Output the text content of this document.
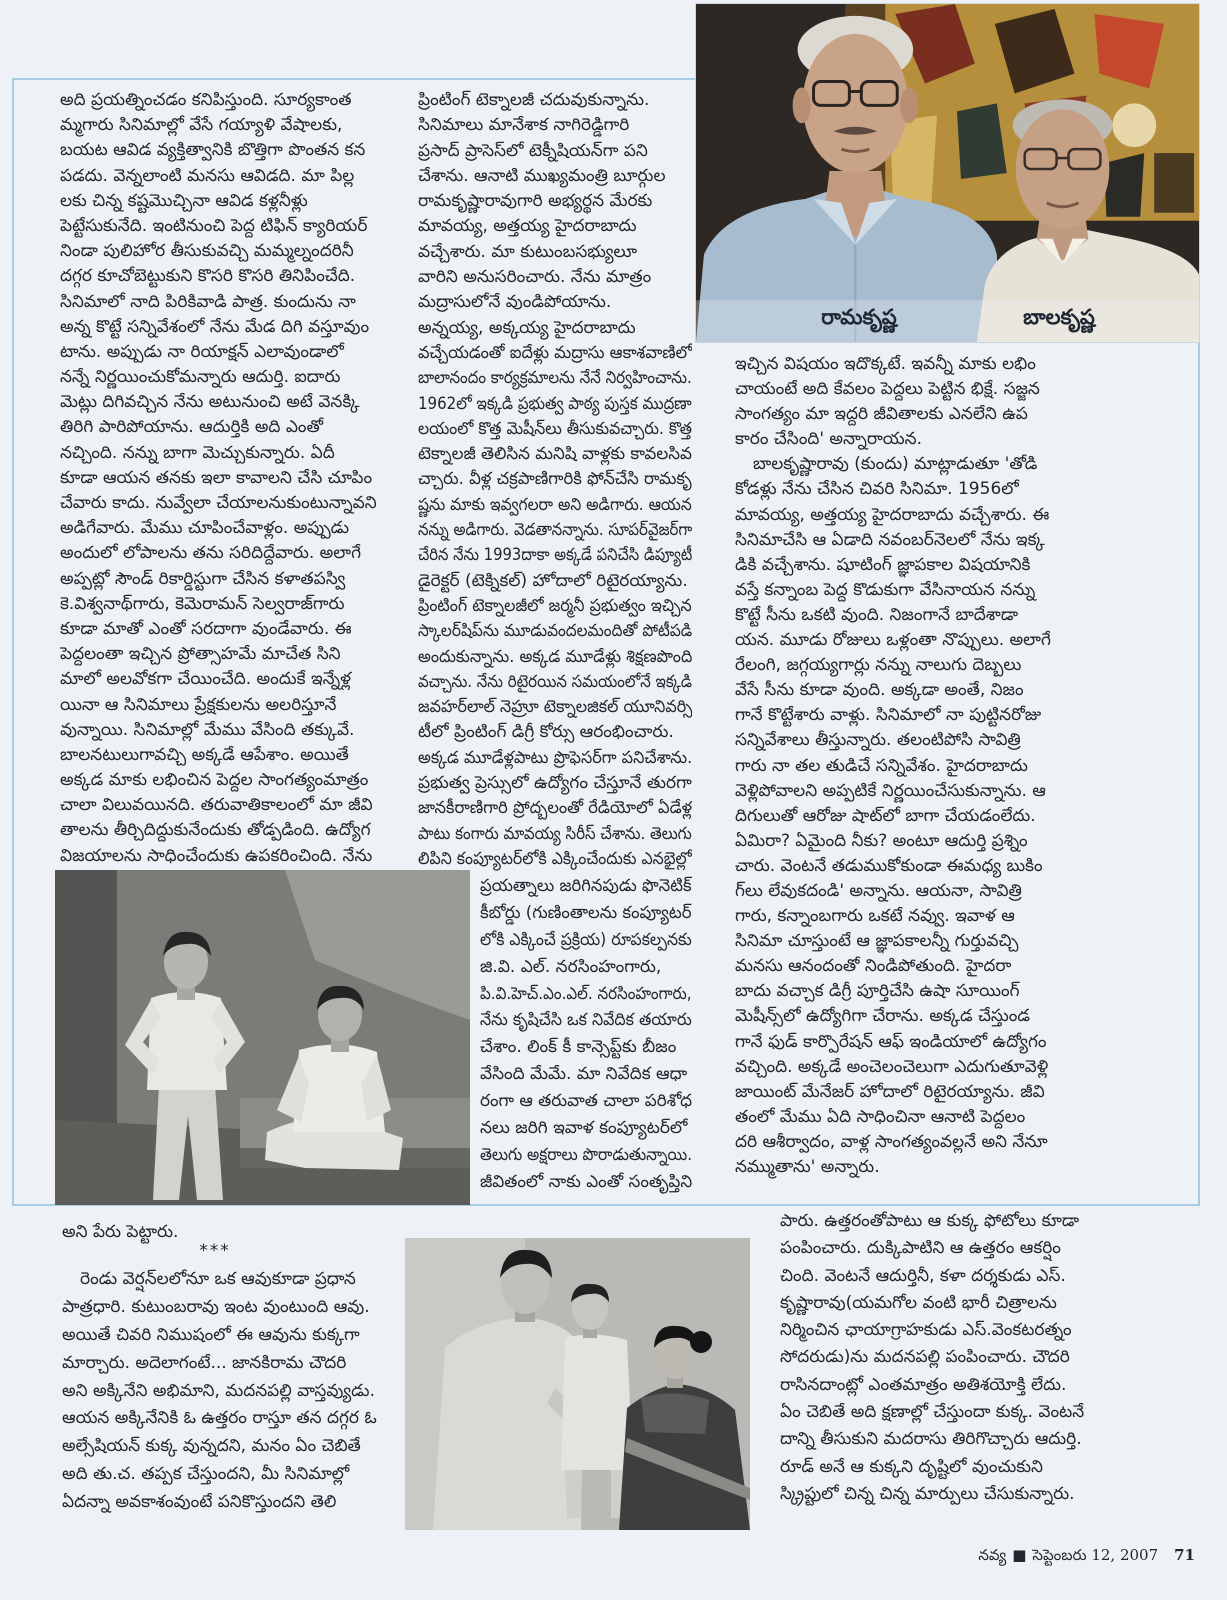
రామకృష్ణ	బాలకృష్ణ
అది ప్రయత్నించడం కనిపిస్తుంది. సూర్యకాంత
మ్మగారు సినిమాల్లో వేసే గయ్యాళి వేషాలకు,
బయట ఆవిడ వ్యక్తిత్వానికి బొత్తిగా పొంతన కన
పడదు. వెన్నలాంటి మనసు ఆవిడది. మా పిల్ల
లకు చిన్న కష్టమొచ్చినా ఆవిడ కళ్లనీళ్లు
పెట్టేసుకునేది. ఇంటినుంచి పెద్ద టిఫిన్ క్యారియర్
నిండా పులిహోర తీసుకువచ్చి మమ్మల్నందరినీ
దగ్గర కూచోబెట్టుకుని కొసరి కొసరి తినిపించేది.
సినిమాలో నాది పిరికివాడి పాత్ర. కుందును నా
అన్న కొట్టే సన్నివేశంలో నేను మేడ దిగి వస్తూవుం
టాను. అప్పుడు నా రియాక్షన్ ఎలావుండాలో
నన్నే నిర్ణయించుకోమన్నారు ఆదుర్తి. ఐదారు
మెట్లు దిగివచ్చిన నేను అటునుంచి అటే వెనక్కి
తిరిగి పారిపోయాను. ఆదుర్తికి అది ఎంతో
నచ్చింది. నన్ను బాగా మెచ్చుకున్నారు. ఏదీ
కూడా ఆయన తనకు ఇలా కావాలని చేసి చూపిం
చేవారు కాదు. నువ్వేలా చేయాలనుకుంటున్నావని
అడిగేవారు. మేము చూపించేవాళ్లం. అప్పుడు
అందులో లోపాలను తను సరిదిద్దేవారు. అలాగే
అప్పట్లో సౌండ్ రికార్డిస్టుగా చేసిన కళాతపస్వి
కె.విశ్వనాథ్‌గారు, కెమెరామన్ సెల్వరాజ్‌గారు
కూడా మాతో ఎంతో సరదాగా వుండేవారు. ఈ
పెద్దలంతా ఇచ్చిన ప్రోత్సాహమే మాచేత సిని
మాలో అలవోకగా చేయించేది. అందుకే ఇన్నేళ్ల
యినా ఆ సినిమాలు ప్రేక్షకులను అలరిస్తూనే
వున్నాయి. సినిమాల్లో మేము వేసింది తక్కువే.
బాలనటులుగావచ్చి అక్కడే ఆపేశాం. అయితే
అక్కడ మాకు లభించిన పెద్దల సాంగత్యంమాత్రం
చాలా విలువయినది. తరువాతికాలంలో మా జీవి
తాలను తీర్చిదిద్దుకునేందుకు తోడ్పడింది. ఉద్యోగ
విజయాలను సాధించేందుకు ఉపకరించింది. నేను
ప్రింటింగ్ టెక్నాలజీ చదువుకున్నాను.
సినిమాలు మానేశాక నాగిరెడ్డిగారి
ప్రసాద్ ప్రాసెస్‌లో టెక్నీషియన్‌గా పని
చేశాను. ఆనాటి ముఖ్యమంత్రి బూర్గుల
రామకృష్ణారావుగారి అభ్యర్థన మేరకు
మావయ్య, అత్తయ్య హైదరాబాదు
వచ్చేశారు. మా కుటుంబసభ్యులూ
వారిని అనుసరించారు. నేను మాత్రం
మద్రాసులోనే వుండిపోయాను.
అన్నయ్య, అక్కయ్య హైదరాబాదు
వచ్చేయడంతో ఐదేళ్లు మద్రాసు ఆకాశవాణిలో
బాలానందం కార్యక్రమాలను నేనే నిర్వహించాను.
1962లో ఇక్కడి ప్రభుత్వ పాఠ్య పుస్తక ముద్రణా
లయంలో కొత్త మెషీన్‌లు తీసుకువచ్చారు. కొత్త
టెక్నాలజీ తెలిసిన మనిషి వాళ్లకు కావలసివ
చ్చారు. వీళ్ల చక్రపాణిగారికి ఫోన్‌చేసి రామకృ
ష్ణను మాకు ఇవ్వగలరా అని అడిగారు. ఆయన
నన్ను అడిగారు. వెడతానన్నాను. సూపర్‌వైజర్‌గా
చేరిన నేను 1993దాకా అక్కడే పనిచేసి డిప్యూటీ
డైరెక్టర్ (టెక్నికల్) హోదాలో రిటైరయ్యాను.
ప్రింటింగ్ టెక్నాలజీలో జర్మనీ ప్రభుత్వం ఇచ్చిన
స్కాలర్‌షిప్‌ను మూడువందలమందితో పోటీపడి
అందుకున్నాను. అక్కడ మూడేళ్లు శిక్షణపొంది
వచ్చాను. నేను రిటైరయిన సమయంలోనే ఇక్కడి
జవహర్‌లాల్ నెహ్రూ టెక్నాలజికల్ యూనివర్సి
టీలో ప్రింటింగ్ డిగ్రీ కోర్సు ఆరంభించారు.
అక్కడ మూడేళ్లపాటు ప్రొఫెసర్‌గా పనిచేశాను.
ప్రభుత్వ ప్రెస్సులో ఉద్యోగం చేస్తూనే తురగా
జానకీరాణిగారి ప్రోద్బలంతో రేడియోలో ఏడేళ్ల
పాటు కంగారు మావయ్య సిరీస్ చేశాను. తెలుగు
లిపిని కంప్యూటర్‌లోకి ఎక్కించేందుకు ఎనభైల్లో
ప్రయత్నాలు జరిగినపుడు ఫొనెటిక్
కీబోర్డు (గుణింతాలను కంప్యూటర్
లోకి ఎక్కించే ప్రక్రియ) రూపకల్పనకు
జి.వి. ఎల్. నరసింహంగారు,
పి.వి.హెచ్.ఎం.ఎల్. నరసింహంగారు,
నేను కృషిచేసి ఒక నివేదిక తయారు
చేశాం. లింక్ కీ కాన్సెప్ట్‌కు బీజం
వేసింది మేమే. మా నివేదిక ఆధా
రంగా ఆ తరువాత చాలా పరిశోధ
నలు జరిగి ఇవాళ కంప్యూటర్‌లో
తెలుగు అక్షరాలు పొరాడుతున్నాయి.
జీవితంలో నాకు ఎంతో సంతృప్తిని
ఇచ్చిన విషయం ఇదొక్కటే. ఇవన్నీ మాకు లభిం
చాయంటే అది కేవలం పెద్దలు పెట్టిన భిక్షే. సజ్జన
సాంగత్యం మా ఇద్దరి జీవితాలకు ఎనలేని ఉప
కారం చేసింది' అన్నారాయన.
బాలకృష్ణారావు (కుందు) మాట్లాడుతూ 'తోడి
కోడళ్లు నేను చేసిన చివరి సినిమా. 1956లో
మావయ్య, అత్తయ్య హైదరాబాదు వచ్చేశారు. ఈ
సినిమాచేసి ఆ ఏడాది నవంబర్‌నెలలో నేను ఇక్క
డికి వచ్చేశాను. షూటింగ్ జ్ఞాపకాల విషయానికి
వస్తే కన్నాంబ పెద్ద కొడుకుగా వేసినాయన నన్ను
కొట్టే సీను ఒకటి వుంది. నిజంగానే బాదేశాడా
యన. మూడు రోజులు ఒళ్లంతా నొప్పులు. అలాగే
రేలంగి, జగ్గయ్యగార్లు నన్ను నాలుగు దెబ్బలు
వేసే సీను కూడా వుంది. అక్కడా అంతే, నిజం
గానే కొట్టేశారు వాళ్లు. సినిమాలో నా పుట్టినరోజు
సన్నివేశాలు తీస్తున్నారు. తలంటిపోసి సావిత్రి
గారు నా తల తుడిచే సన్నివేశం. హైదరాబాదు
వెళ్లిపోవాలని అప్పటికే నిర్ణయించేసుకున్నాను. ఆ
దిగులుతో ఆరోజు షాట్‌లో బాగా చేయడంలేదు.
ఏమిరా? ఏమైంది నీకు? అంటూ ఆదుర్తి ప్రశ్నిం
చారు. వెంటనే తడుముకోకుండా ఈమధ్య బుకిం
గ్‌లు లేవుకదండి' అన్నాను. ఆయనా, సావిత్రి
గారు, కన్నాంబగారు ఒకటే నవ్వు. ఇవాళ ఆ
సినిమా చూస్తుంటే ఆ జ్ఞాపకాలన్నీ గుర్తువచ్చి
మనసు ఆనందంతో నిండిపోతుంది. హైదరా
బాదు వచ్చాక డిగ్రీ పూర్తిచేసి ఉషా సూయింగ్
మెషీన్స్‌లో ఉద్యోగిగా చేరాను. అక్కడ చేస్తుండ
గానే ఫుడ్ కార్పొరేషన్ ఆఫ్ ఇండియాలో ఉద్యోగం
వచ్చింది. అక్కడే అంచెలంచెలుగా ఎదుగుతూవెళ్లి
జాయింట్ మేనేజర్ హోదాలో రిటైరయ్యాను. జీవి
తంలో మేము ఏది సాధించినా ఆనాటి పెద్దలం
దరి ఆశీర్వాదం, వాళ్ల సాంగత్యంవల్లనే అని నేనూ
నమ్ముతాను' అన్నారు.
అని పేరు పెట్టారు.
***
రెండు వెర్షన్‌లలోనూ ఒక ఆవుకూడా ప్రధాన
పాత్రధారి. కుటుంబరావు ఇంట వుంటుంది ఆవు.
అయితే చివరి నిముషంలో ఈ ఆవును కుక్కగా
మార్చారు. అదెలాగంటే... జానకిరామ చౌదరి
అని అక్కినేని అభిమాని, మదనపల్లి వాస్తవ్యుడు.
ఆయన అక్కినేనికి ఓ ఉత్తరం రాస్తూ తన దగ్గర ఓ
అల్సేషియన్ కుక్క వున్నదని, మనం ఏం చెబితే
అది తు.చ. తప్పక చేస్తుందని, మీ సినిమాల్లో
ఏదన్నా అవకాశంవుంటే పనికొస్తుందని తెలి
పారు. ఉత్తరంతోపాటు ఆ కుక్క ఫోటోలు కూడా
పంపించారు. దుక్కిపాటిని ఆ ఉత్తరం ఆకర్షిం
చింది. వెంటనే ఆదుర్తినీ, కళా దర్శకుడు ఎస్.
కృష్ణారావు(యమగోల వంటి భారీ చిత్రాలను
నిర్మించిన ఛాయాగ్రాహకుడు ఎస్.వెంకటరత్నం
సోదరుడు)ను మదనపల్లి పంపించారు. చౌదరి
రాసినదాంట్లో ఎంతమాత్రం అతిశయోక్తి లేదు.
ఏం చెబితే అది క్షణాల్లో చేస్తుందా కుక్క. వెంటనే
దాన్ని తీసుకుని మదరాసు తిరిగొచ్చారు ఆదుర్తి.
రూడ్ అనే ఆ కుక్కని దృష్టిలో వుంచుకుని
స్క్రిప్టులో చిన్న చిన్న మార్పులు చేసుకున్నారు.
నవ్య ■ సెప్టెంబరు 12, 2007 71
